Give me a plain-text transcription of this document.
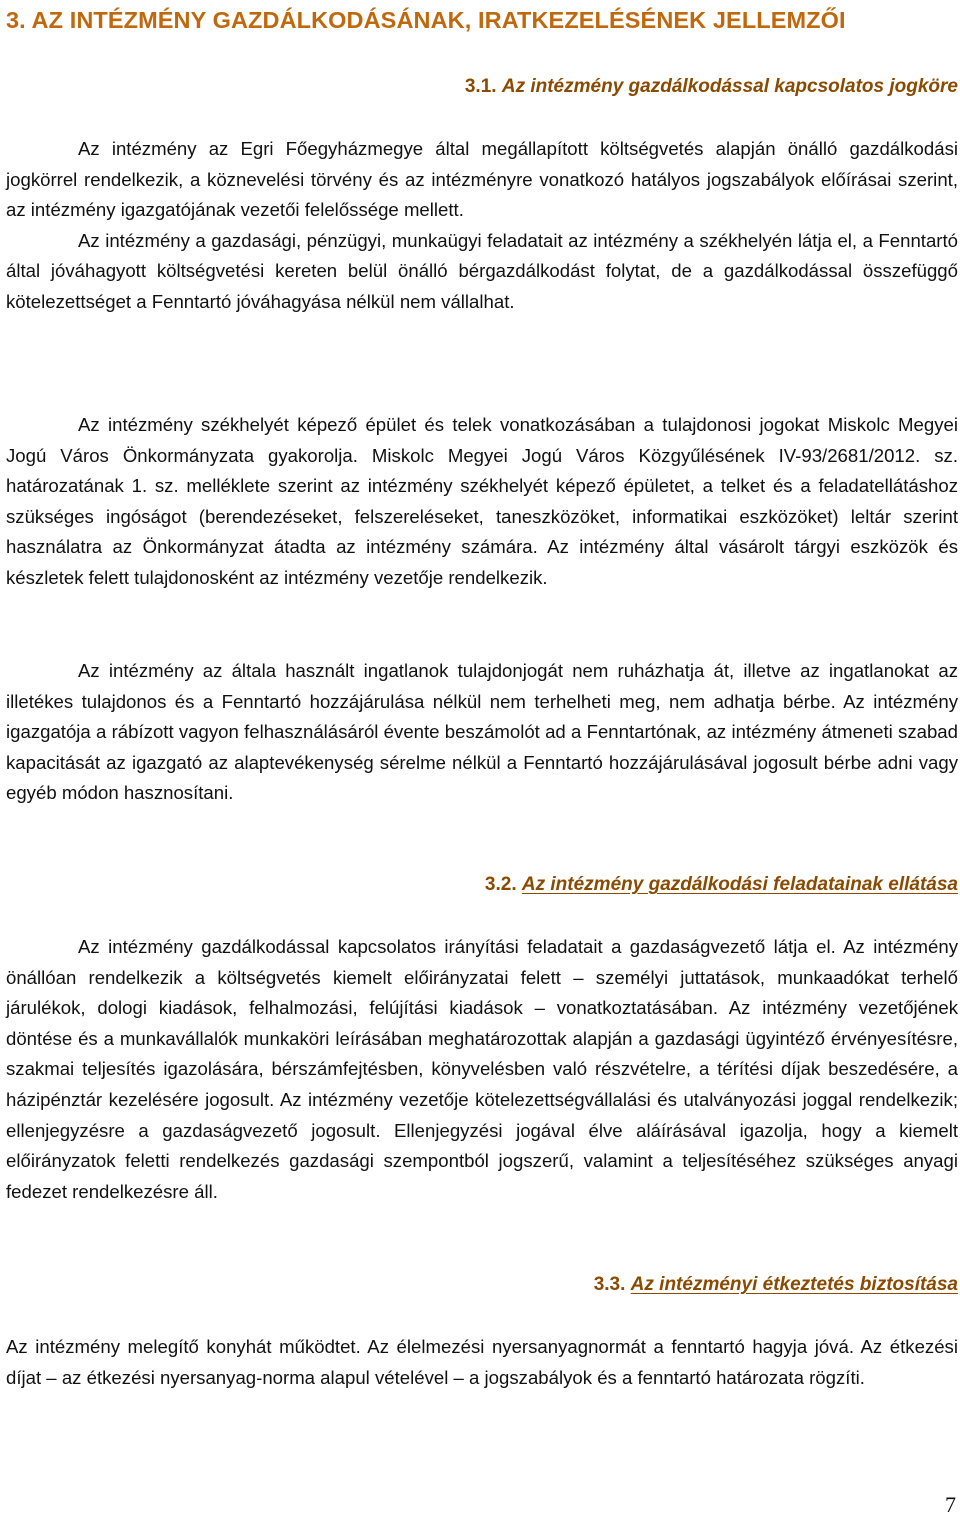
3. AZ INTÉZMÉNY GAZDÁLKODÁSÁNAK, IRATKEZELÉSÉNEK JELLEMZŐI
3.1. Az intézmény gazdálkodással kapcsolatos jogköre

Az intézmény az Egri Főegyházmegye által megállapított költségvetés alapján önálló gazdálkodási jogkörrel rendelkezik, a köznevelési törvény és az intézményre vonatkozó hatályos jogszabályok előírásai szerint, az intézmény igazgatójának vezetői felelőssége mellett.

Az intézmény a gazdasági, pénzügyi, munkaügyi feladatait az intézmény a székhelyén látja el, a Fenntartó által jóváhagyott költségvetési kereten belül önálló bérgazdálkodást folytat, de a gazdálkodással összefüggő kötelezettséget a Fenntartó jóváhagyása nélkül nem vállalhat.

Az intézmény székhelyét képező épület és telek vonatkozásában a tulajdonosi jogokat Miskolc Megyei Jogú Város Önkormányzata gyakorolja. Miskolc Megyei Jogú Város Közgyűlésének IV-93/2681/2012. sz. határozatának 1. sz. melléklete szerint az intézmény székhelyét képező épületet, a telket és a feladatellátáshoz szükséges ingóságot (berendezéseket, felszereléseket, taneszközöket, informatikai eszközöket) leltár szerint használatra az Önkormányzat átadta az intézmény számára. Az intézmény által vásárolt tárgyi eszközök és készletek felett tulajdonosként az intézmény vezetője rendelkezik.

Az intézmény az általa használt ingatlanok tulajdonjogát nem ruházhatja át, illetve az ingatlanokat az illetékes tulajdonos és a Fenntartó hozzájárulása nélkül nem terhelheti meg, nem adhatja bérbe. Az intézmény igazgatója a rábízott vagyon felhasználásáról évente beszámolót ad a Fenntartónak, az intézmény átmeneti szabad kapacitását az igazgató az alaptevékenység sérelme nélkül a Fenntartó hozzájárulásával jogosult bérbe adni vagy egyéb módon hasznosítani.

3.2. Az intézmény gazdálkodási feladatainak ellátása

Az intézmény gazdálkodással kapcsolatos irányítási feladatait a gazdaságvezető látja el. Az intézmény önállóan rendelkezik a költségvetés kiemelt előirányzatai felett – személyi juttatások, munkaadókat terhelő járulékok, dologi kiadások, felhalmozási, felújítási kiadások – vonatkoztatásában. Az intézmény vezetőjének döntése és a munkavállalók munkaköri leírásában meghatározottak alapján a gazdasági ügyintéző érvényesítésre, szakmai teljesítés igazolására, bérszámfejtésben, könyvelésben való részvételre, a térítési díjak beszedésére, a házipénztár kezelésére jogosult. Az intézmény vezetője kötelezettségvállalási és utalványozási joggal rendelkezik; ellenjegyzésre a gazdaságvezető jogosult. Ellenjegyzési jogával élve aláírásával igazolja, hogy a kiemelt előirányzatok feletti rendelkezés gazdasági szempontból jogszerű, valamint a teljesítéséhez szükséges anyagi fedezet rendelkezésre áll.

3.3. Az intézményi étkeztetés biztosítása

Az intézmény melegítő konyhát működtet. Az élelmezési nyersanyagnormát a fenntartó hagyja jóvá. Az étkezési díjat – az étkezési nyersanyag-norma alapul vételével – a jogszabályok és a fenntartó határozata rögzíti.

7
